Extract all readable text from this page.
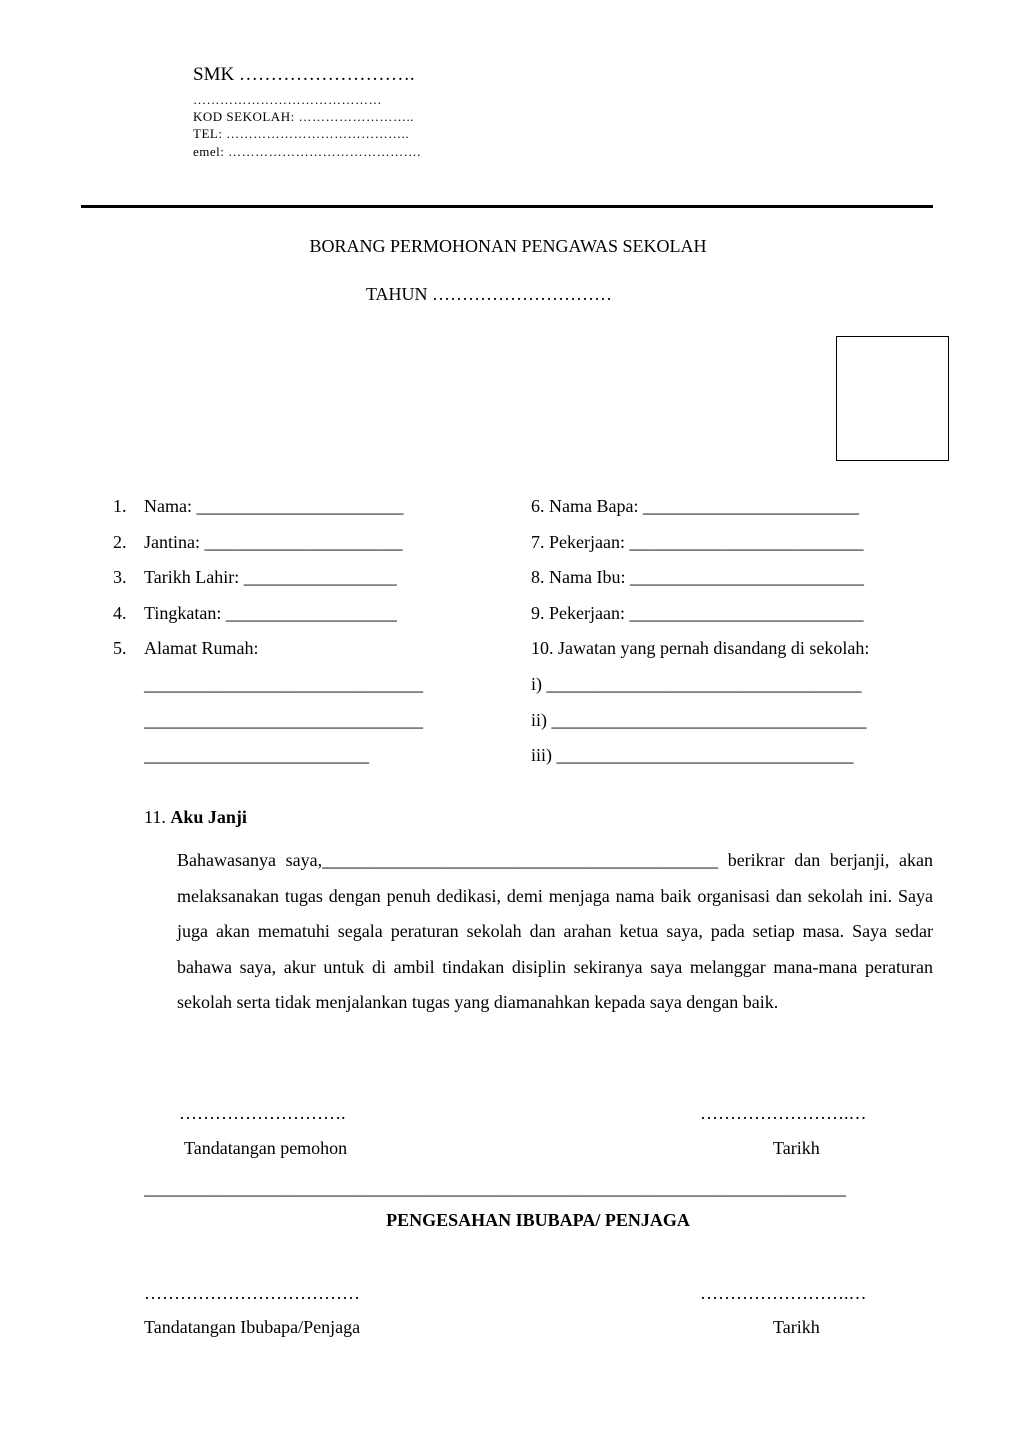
SMK ……………………….
……………………………………
KOD SEKOLAH: ……………………..
TEL: …………………………………..
emel: …………………………………….
BORANG PERMOHONAN PENGAWAS SEKOLAH
TAHUN …………………………
1. Nama: _______________________
2. Jantina: ______________________
3. Tarikh Lahir: _________________
4. Tingkatan: ___________________
5. Alamat Rumah:
_______________________________
_______________________________
_________________________
6. Nama Bapa: ________________________
7. Pekerjaan: __________________________
8. Nama Ibu: __________________________
9. Pekerjaan: __________________________
10. Jawatan yang pernah disandang di sekolah:
i) ___________________________________
ii) ___________________________________
iii) _________________________________
11. Aku Janji
Bahawasanya saya,____________________________________________ berikrar dan berjanji, akan melaksanakan tugas dengan penuh dedikasi, demi menjaga nama baik organisasi dan sekolah ini. Saya juga akan mematuhi segala peraturan sekolah dan arahan ketua saya, pada setiap masa. Saya sedar bahawa saya, akur untuk di ambil tindakan disiplin sekiranya saya melanggar mana-mana peraturan sekolah serta tidak menjalankan tugas yang diamanahkan kepada saya dengan baik.
……………………….
Tandatangan pemohon
…………………….…
Tarikh
______________________________________________________________________________
PENGESAHAN IBUBAPA/ PENJAGA
………………………………
Tandatangan Ibubapa/Penjaga
…………………….…
Tarikh
